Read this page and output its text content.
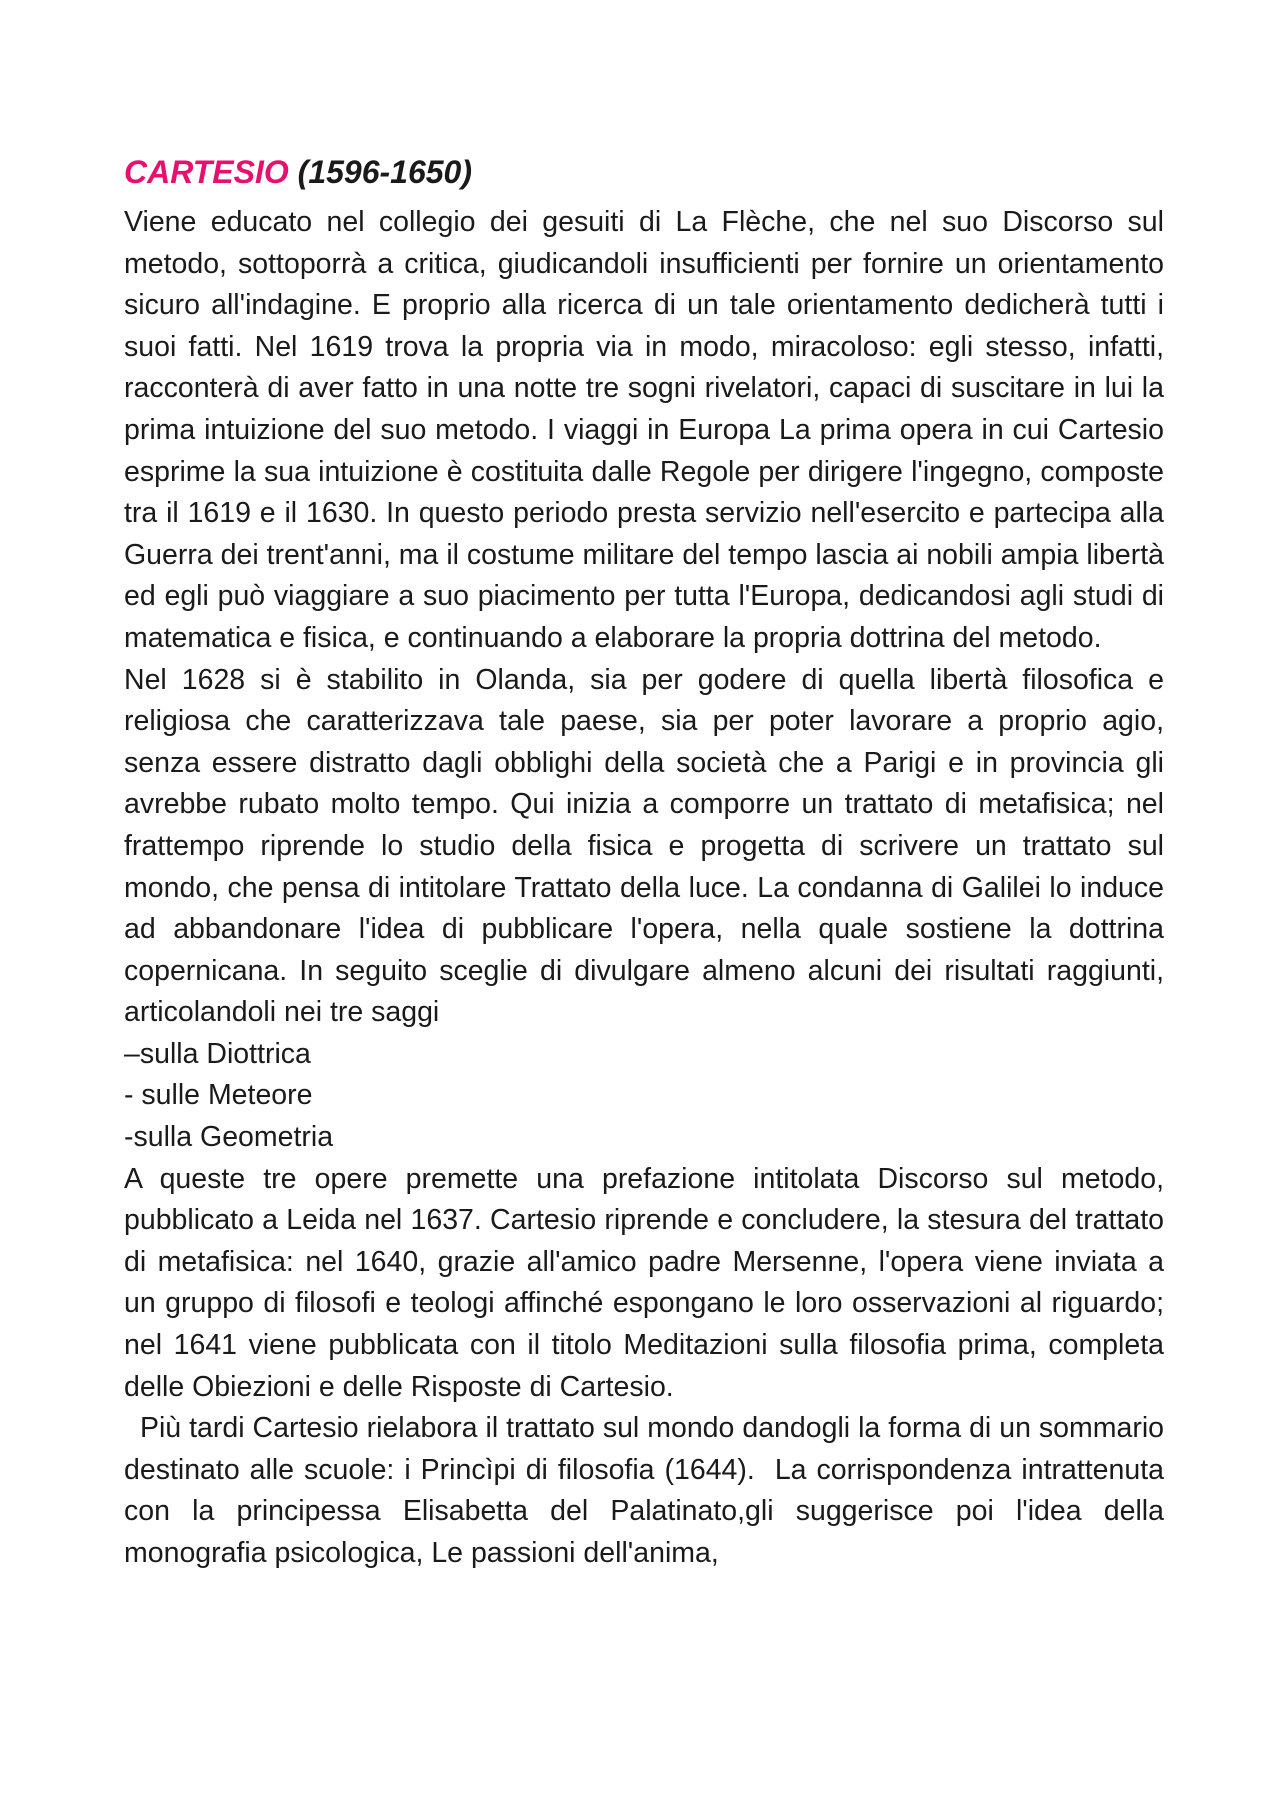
CARTESIO (1596-1650)

Viene educato nel collegio dei gesuiti di La Flèche, che nel suo Discorso sul metodo, sottoporrà a critica, giudicandoli insufficienti per fornire un orientamento sicuro all'indagine. E proprio alla ricerca di un tale orientamento dedicherà tutti i suoi fatti. Nel 1619 trova la propria via in modo, miracoloso: egli stesso, infatti, racconterà di aver fatto in una notte tre sogni rivelatori, capaci di suscitare in lui la prima intuizione del suo metodo. I viaggi in Europa La prima opera in cui Cartesio esprime la sua intuizione è costituita dalle Regole per dirigere l'ingegno, composte tra il 1619 e il 1630. In questo periodo presta servizio nell'esercito e partecipa alla Guerra dei trent'anni, ma il costume militare del tempo lascia ai nobili ampia libertà ed egli può viaggiare a suo piacimento per tutta l'Europa, dedicandosi agli studi di matematica e fisica, e continuando a elaborare la propria dottrina del metodo.

Nel 1628 si è stabilito in Olanda, sia per godere di quella libertà filosofica e religiosa che caratterizzava tale paese, sia per poter lavorare a proprio agio, senza essere distratto dagli obblighi della società che a Parigi e in provincia gli avrebbe rubato molto tempo. Qui inizia a comporre un trattato di metafisica; nel frattempo riprende lo studio della fisica e progetta di scrivere un trattato sul mondo, che pensa di intitolare Trattato della luce. La condanna di Galilei lo induce ad abbandonare l'idea di pubblicare l'opera, nella quale sostiene la dottrina copernicana. In seguito sceglie di divulgare almeno alcuni dei risultati raggiunti, articolandoli nei tre saggi

–sulla Diottrica

- sulle Meteore

-sulla Geometria

A queste tre opere premette una prefazione intitolata Discorso sul metodo, pubblicato a Leida nel 1637. Cartesio riprende e concludere, la stesura del trattato di metafisica: nel 1640, grazie all'amico padre Mersenne, l'opera viene inviata a un gruppo di filosofi e teologi affinché espongano le loro osservazioni al riguardo; nel 1641 viene pubblicata con il titolo Meditazioni sulla filosofia prima, completa delle Obiezioni e delle Risposte di Cartesio.

Più tardi Cartesio rielabora il trattato sul mondo dandogli la forma di un sommario destinato alle scuole: i Princìpi di filosofia (1644).  La corrispondenza intrattenuta con la principessa Elisabetta del Palatinato,gli suggerisce poi l'idea della monografia psicologica, Le passioni dell'anima,
